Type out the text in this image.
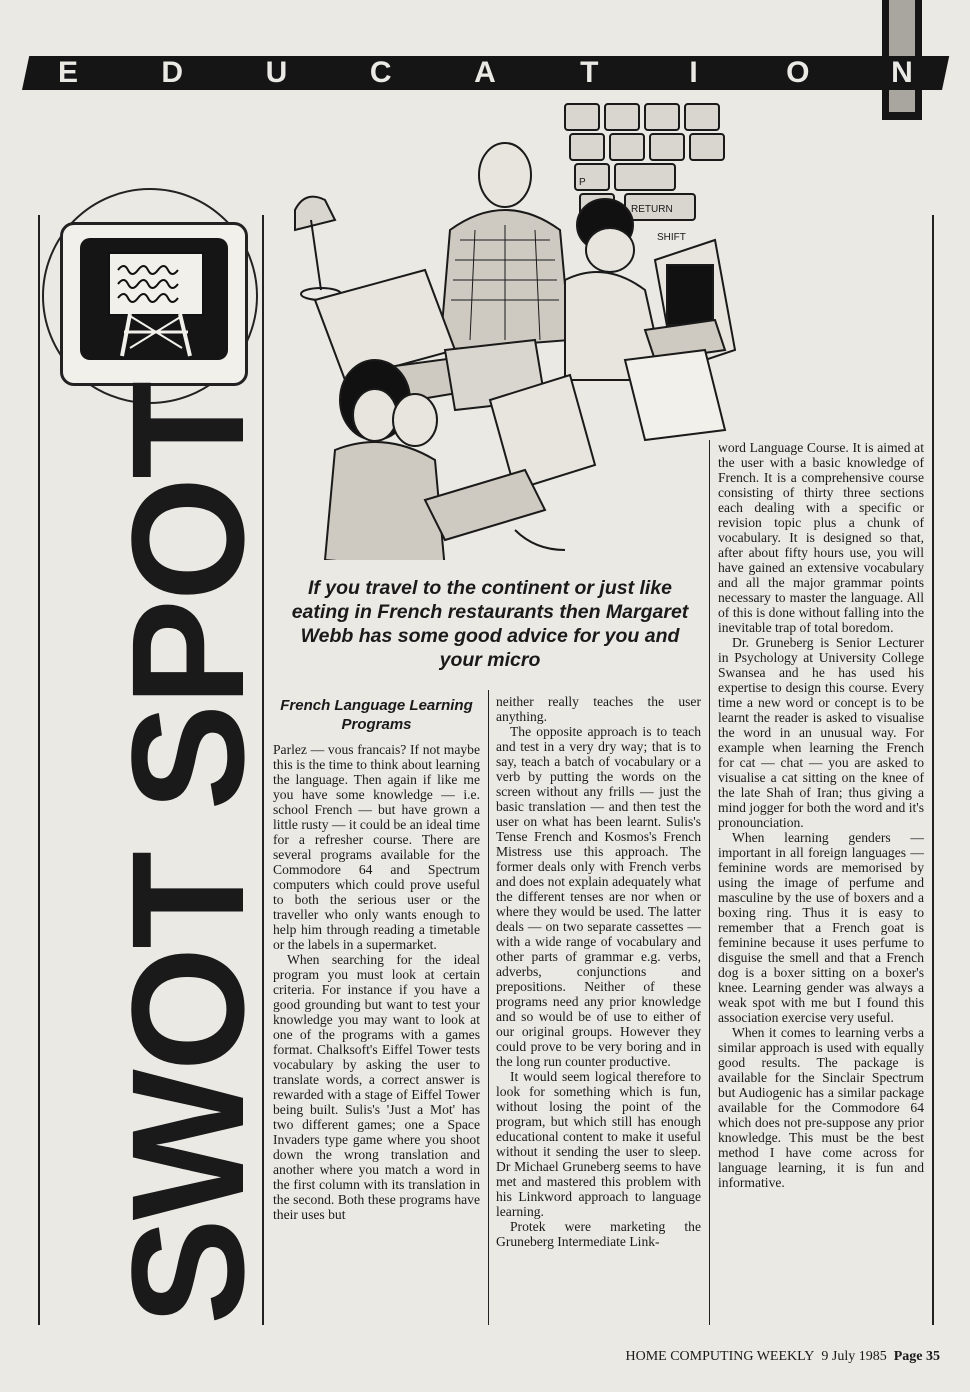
E	D	U	C	A	T	I	O	N
SWOT SPOT
P
RETURN
SHIFT
If you travel to the continent or just like eating in French restaurants then Margaret Webb has some good advice for you and your micro
French Language Learning Programs

Parlez — vous francais? If not maybe this is the time to think about learning the language. Then again if like me you have some knowledge — i.e. school French — but have grown a little rusty — it could be an ideal time for a refresher course. There are several programs available for the Commodore 64 and Spectrum computers which could prove useful to both the serious user or the traveller who only wants enough to help him through reading a timetable or the labels in a supermarket.

When searching for the ideal program you must look at certain criteria. For instance if you have a good grounding but want to test your knowledge you may want to look at one of the programs with a games format. Chalksoft's Eiffel Tower tests vocabulary by asking the user to translate words, a correct answer is rewarded with a stage of Eiffel Tower being built. Sulis's 'Just a Mot' has two different games; one a Space Invaders type game where you shoot down the wrong translation and another where you match a word in the first column with its translation in the second. Both these programs have their uses but

neither really teaches the user anything.

The opposite approach is to teach and test in a very dry way; that is to say, teach a batch of vocabulary or a verb by putting the words on the screen without any frills — just the basic translation — and then test the user on what has been learnt. Sulis's Tense French and Kosmos's French Mistress use this approach. The former deals only with French verbs and does not explain adequately what the different tenses are nor when or where they would be used. The latter deals — on two separate cassettes — with a wide range of vocabulary and other parts of grammar e.g. verbs, adverbs, conjunctions and prepositions. Neither of these programs need any prior knowledge and so would be of use to either of our original groups. However they could prove to be very boring and in the long run counter productive.

It would seem logical therefore to look for something which is fun, without losing the point of the program, but which still has enough educational content to make it useful without it sending the user to sleep. Dr Michael Gruneberg seems to have met and mastered this problem with his Linkword approach to language learning.

Protek were marketing the Gruneberg Intermediate Link-

word Language Course. It is aimed at the user with a basic knowledge of French. It is a comprehensive course consisting of thirty three sections each dealing with a specific or revision topic plus a chunk of vocabulary. It is designed so that, after about fifty hours use, you will have gained an extensive vocabulary and all the major grammar points necessary to master the language. All of this is done without falling into the inevitable trap of total boredom.

Dr. Gruneberg is Senior Lecturer in Psychology at University College Swansea and he has used his expertise to design this course. Every time a new word or concept is to be learnt the reader is asked to visualise the word in an unusual way. For example when learning the French for cat — chat — you are asked to visualise a cat sitting on the knee of the late Shah of Iran; thus giving a mind jogger for both the word and it's pronounciation.

When learning genders — important in all foreign languages — feminine words are memorised by using the image of perfume and masculine by the use of boxers and a boxing ring. Thus it is easy to remember that a French goat is feminine because it uses perfume to disguise the smell and that a French dog is a boxer sitting on a boxer's knee. Learning gender was always a weak spot with me but I found this association exercise very useful.

When it comes to learning verbs a similar approach is used with equally good results. The package is available for the Sinclair Spectrum but Audiogenic has a similar package available for the Commodore 64 which does not pre-suppose any prior knowledge. This must be the best method I have come across for language learning, it is fun and informative.

HOME COMPUTING WEEKLY 9 July 1985 Page 35
